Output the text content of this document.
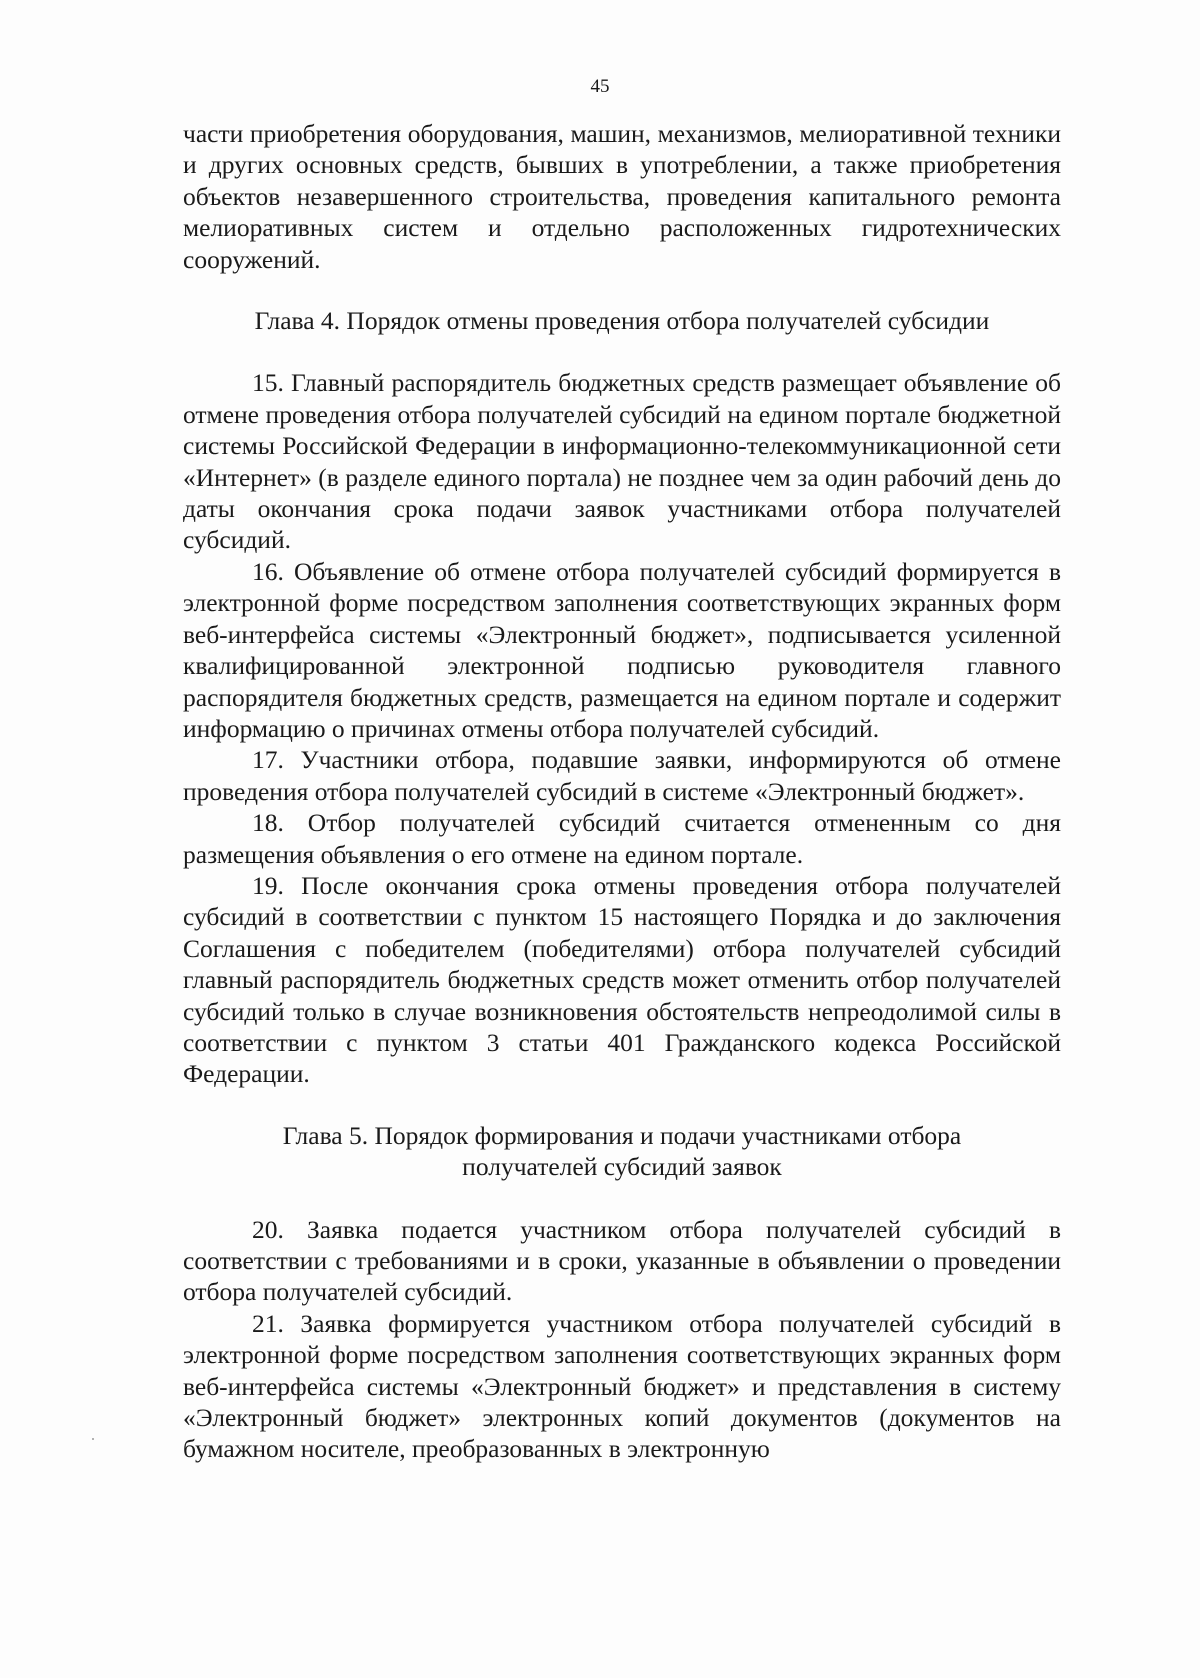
45

части приобретения оборудования, машин, механизмов, мелиоративной техники и других основных средств, бывших в употреблении, а также приобретения объектов незавершенного строительства, проведения капитального ремонта мелиоративных систем и отдельно расположенных гидротехнических сооружений.

Глава 4. Порядок отмены проведения отбора получателей субсидии

15. Главный распорядитель бюджетных средств размещает объявление об отмене проведения отбора получателей субсидий на едином портале бюджетной системы Российской Федерации в информационно-телекоммуникационной сети «Интернет» (в разделе единого портала) не позднее чем за один рабочий день до даты окончания срока подачи заявок участниками отбора получателей субсидий.

16. Объявление об отмене отбора получателей субсидий формируется в электронной форме посредством заполнения соответствующих экранных форм веб-интерфейса системы «Электронный бюджет», подписывается усиленной квалифицированной электронной подписью руководителя главного распорядителя бюджетных средств, размещается на едином портале и содержит информацию о причинах отмены отбора получателей субсидий.

17. Участники отбора, подавшие заявки, информируются об отмене проведения отбора получателей субсидий в системе «Электронный бюджет».

18. Отбор получателей субсидий считается отмененным со дня размещения объявления о его отмене на едином портале.

19. После окончания срока отмены проведения отбора получателей субсидий в соответствии с пунктом 15 настоящего Порядка и до заключения Соглашения с победителем (победителями) отбора получателей субсидий главный распорядитель бюджетных средств может отменить отбор получателей субсидий только в случае возникновения обстоятельств непреодолимой силы в соответствии с пунктом 3 статьи 401 Гражданского кодекса Российской Федерации.

Глава 5. Порядок формирования и подачи участниками отбора
получателей субсидий заявок

20. Заявка подается участником отбора получателей субсидий в соответствии с требованиями и в сроки, указанные в объявлении о проведении отбора получателей субсидий.

21. Заявка формируется участником отбора получателей субсидий в электронной форме посредством заполнения соответствующих экранных форм веб-интерфейса системы «Электронный бюджет» и представления в систему «Электронный бюджет» электронных копий документов (документов на бумажном носителе, преобразованных в электронную
